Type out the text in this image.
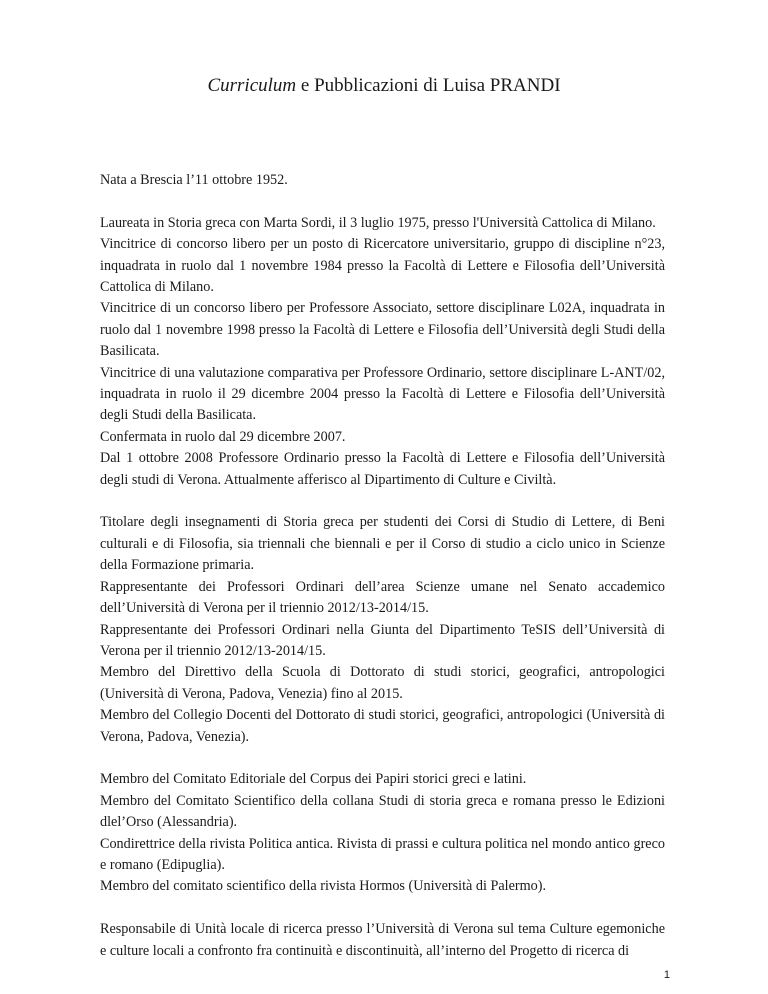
Curriculum e Pubblicazioni di Luisa PRANDI

Nata a Brescia l’11 ottobre 1952.

Laureata in Storia greca con Marta Sordi, il 3 luglio 1975, presso l'Università Cattolica di Milano.

Vincitrice di concorso libero per un posto di Ricercatore universitario, gruppo di discipline n°23, inquadrata in ruolo dal 1 novembre 1984 presso la Facoltà di Lettere e Filosofia dell’Università Cattolica di Milano.

Vincitrice di un concorso libero per Professore Associato, settore disciplinare L02A, inquadrata in ruolo dal 1 novembre 1998 presso la Facoltà di Lettere e Filosofia dell’Università degli Studi della Basilicata.

Vincitrice di una valutazione comparativa per Professore Ordinario, settore disciplinare L-ANT/02, inquadrata in ruolo il 29 dicembre 2004 presso la Facoltà di Lettere e Filosofia dell’Università degli Studi della Basilicata.

Confermata in ruolo dal 29 dicembre 2007.

Dal 1 ottobre 2008 Professore Ordinario presso la Facoltà di Lettere e Filosofia dell’Università degli studi di Verona. Attualmente afferisco al Dipartimento di Culture e Civiltà.

Titolare degli insegnamenti di Storia greca per studenti dei Corsi di Studio di Lettere, di Beni culturali e di Filosofia, sia triennali che biennali e per il Corso di studio a ciclo unico in Scienze della Formazione primaria.

Rappresentante dei Professori Ordinari dell’area Scienze umane nel Senato accademico dell’Università di Verona per il triennio 2012/13-2014/15.

Rappresentante dei Professori Ordinari nella Giunta del Dipartimento TeSIS dell’Università di Verona per il triennio 2012/13-2014/15.

Membro del Direttivo della Scuola di Dottorato di studi storici, geografici, antropologici (Università di Verona, Padova, Venezia) fino al 2015.

Membro del Collegio Docenti del Dottorato di studi storici, geografici, antropologici (Università di Verona, Padova, Venezia).

Membro del Comitato Editoriale del Corpus dei Papiri storici greci e latini.

Membro del Comitato Scientifico della collana Studi di storia greca e romana presso le Edizioni dlel’Orso (Alessandria).

Condirettrice della rivista Politica antica. Rivista di prassi e cultura politica nel mondo antico greco e romano (Edipuglia).

Membro del comitato scientifico della rivista Hormos (Università di Palermo).

Responsabile di Unità locale di ricerca presso l’Università di Verona sul tema Culture egemoniche e culture locali a confronto fra continuità e discontinuità, all’interno del Progetto di ricerca di

1
